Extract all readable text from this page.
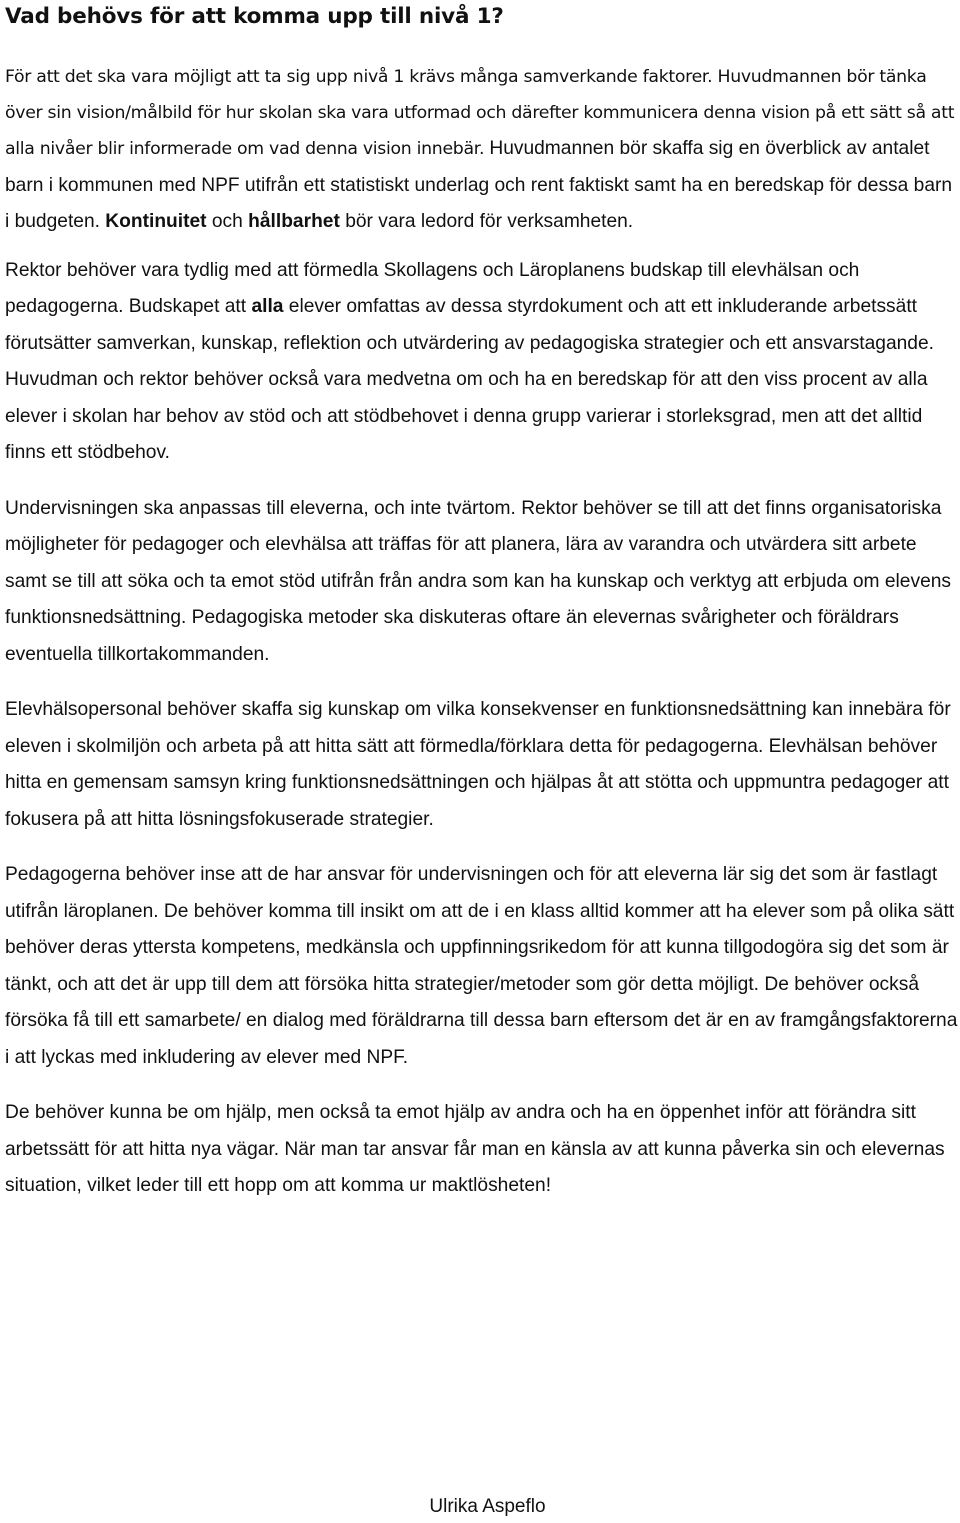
Vad behövs för att komma upp till nivå 1?

För att det ska vara möjligt att ta sig upp nivå 1 krävs många samverkande faktorer. Huvudmannen bör tänka över sin vision/målbild för hur skolan ska vara utformad och därefter kommunicera denna vision på ett sätt så att alla nivåer blir informerade om vad denna vision innebär. Huvudmannen bör skaffa sig en överblick av antalet barn i kommunen med NPF utifrån ett statistiskt underlag och rent faktiskt samt ha en beredskap för dessa barn i budgeten. Kontinuitet och hållbarhet bör vara ledord för verksamheten.

Rektor behöver vara tydlig med att förmedla Skollagens och Läroplanens budskap till elevhälsan och pedagogerna. Budskapet att alla elever omfattas av dessa styrdokument och att ett inkluderande arbetssätt förutsätter samverkan, kunskap, reflektion och utvärdering av pedagogiska strategier och ett ansvarstagande. Huvudman och rektor behöver också vara medvetna om och ha en beredskap för att den viss procent av alla elever i skolan har behov av stöd och att stödbehovet i denna grupp varierar i storleksgrad, men att det alltid finns ett stödbehov.

Undervisningen ska anpassas till eleverna, och inte tvärtom. Rektor behöver se till att det finns organisatoriska möjligheter för pedagoger och elevhälsa att träffas för att planera, lära av varandra och utvärdera sitt arbete samt se till att söka och ta emot stöd utifrån från andra som kan ha kunskap och verktyg att erbjuda om elevens funktionsnedsättning. Pedagogiska metoder ska diskuteras oftare än elevernas svårigheter och föräldrars eventuella tillkortakommanden.

Elevhälsopersonal behöver skaffa sig kunskap om vilka konsekvenser en funktionsnedsättning kan innebära för eleven i skolmiljön och arbeta på att hitta sätt att förmedla/förklara detta för pedagogerna. Elevhälsan behöver hitta en gemensam samsyn kring funktionsnedsättningen och hjälpas åt att stötta och uppmuntra pedagoger att fokusera på att hitta lösningsfokuserade strategier.

Pedagogerna behöver inse att de har ansvar för undervisningen och för att eleverna lär sig det som är fastlagt utifrån läroplanen. De behöver komma till insikt om att de i en klass alltid kommer att ha elever som på olika sätt behöver deras yttersta kompetens, medkänsla och uppfinningsrikedom för att kunna tillgodogöra sig det som är tänkt, och att det är upp till dem att försöka hitta strategier/metoder som gör detta möjligt. De behöver också försöka få till ett samarbete/ en dialog med föräldrarna till dessa barn eftersom det är en av framgångsfaktorerna i att lyckas med inkludering av elever med NPF.

De behöver kunna be om hjälp, men också ta emot hjälp av andra och ha en öppenhet inför att förändra sitt arbetssätt för att hitta nya vägar. När man tar ansvar får man en känsla av att kunna påverka sin och elevernas situation, vilket leder till ett hopp om att komma ur maktlösheten!

Ulrika Aspeflo
